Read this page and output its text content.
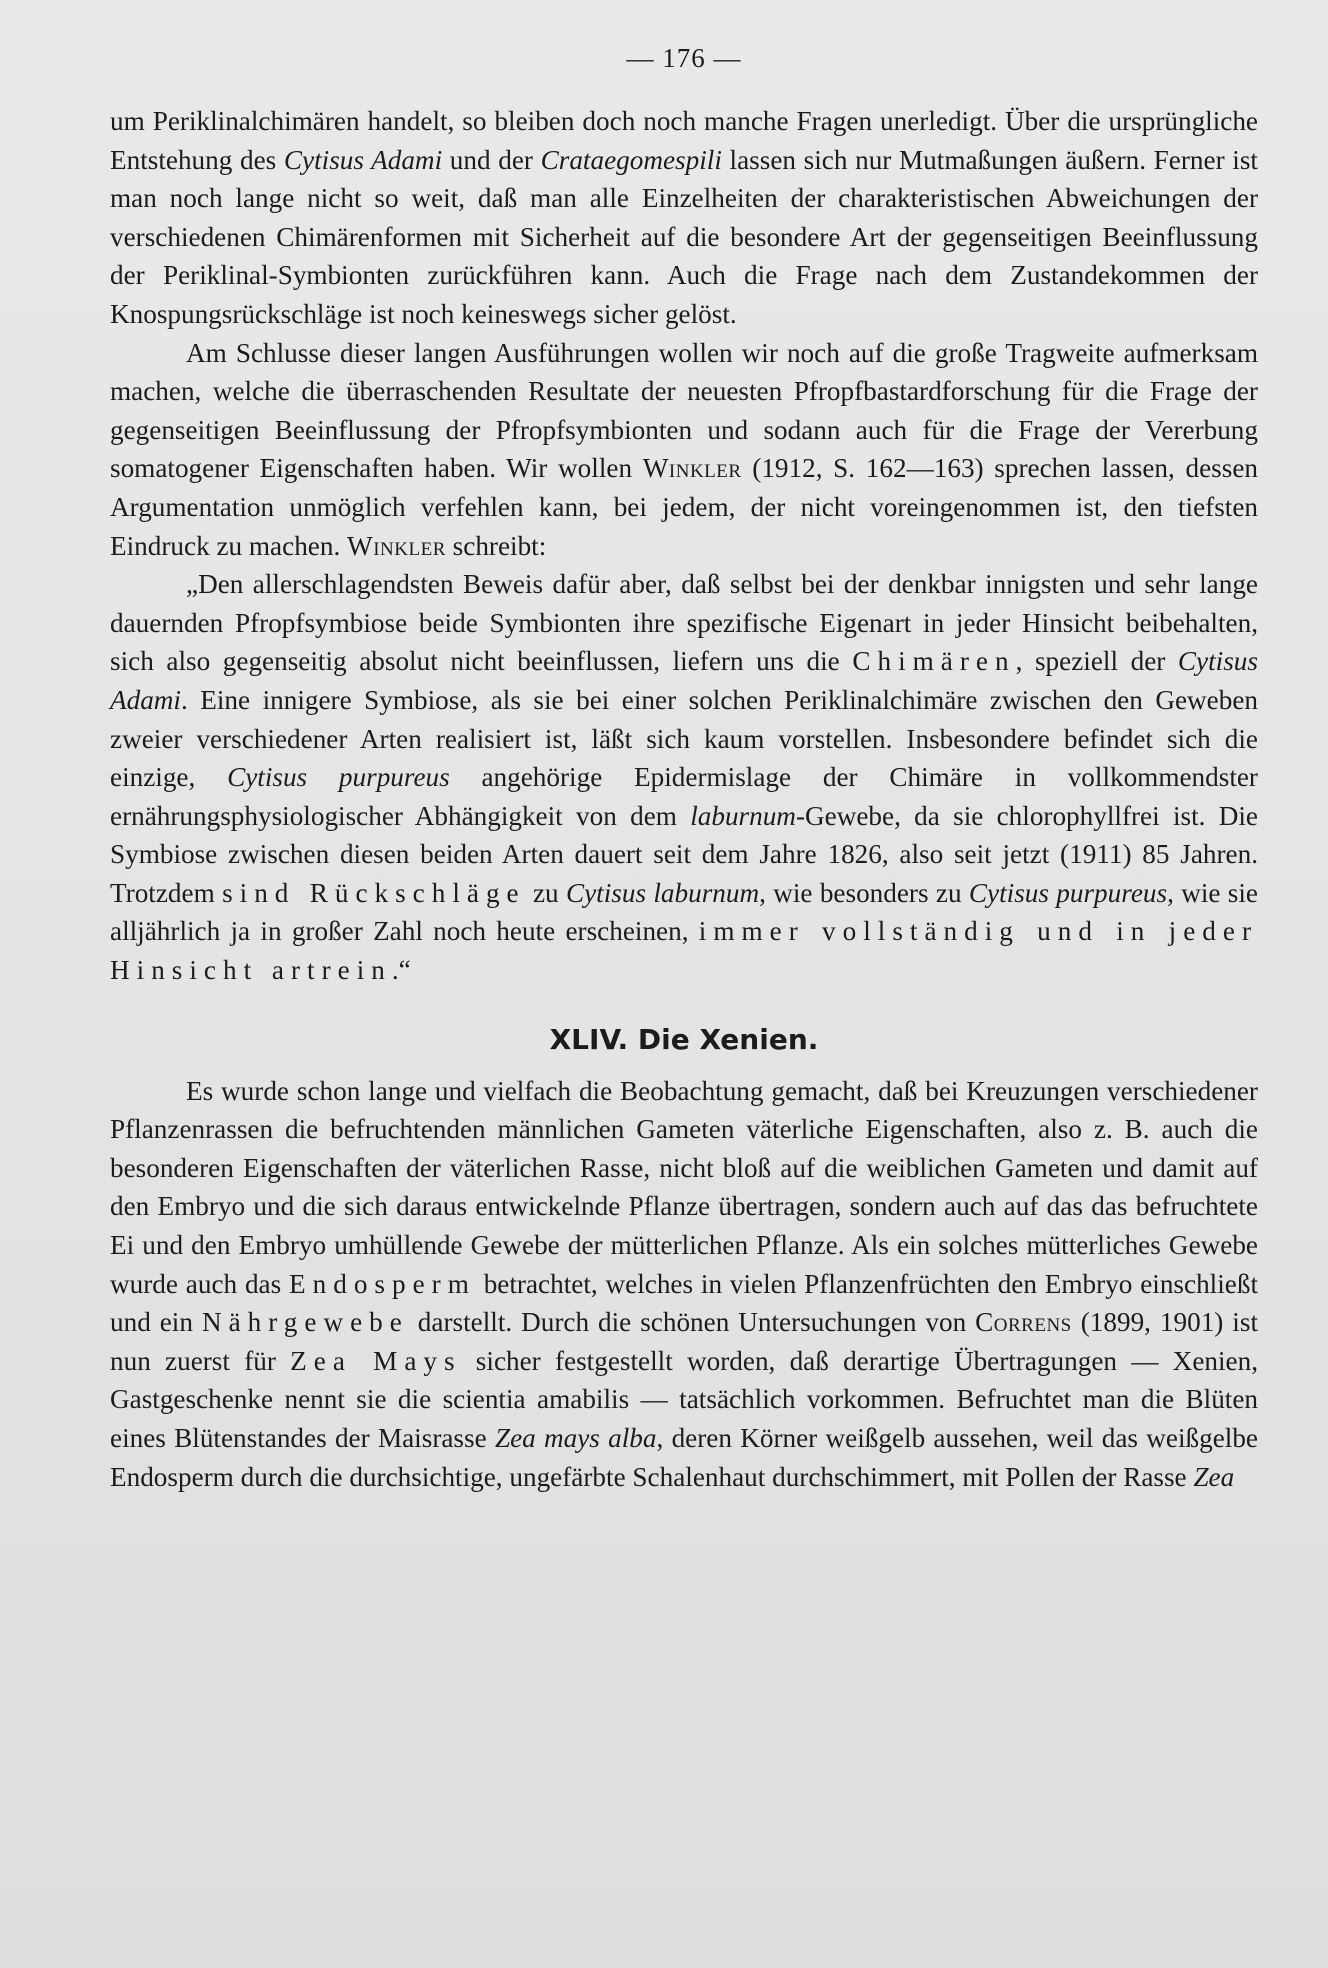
— 176 —

um Periklinalchimären handelt, so bleiben doch noch manche Fragen unerledigt. Über die ursprüngliche Entstehung des Cytisus Adami und der Crataegomespili lassen sich nur Mutmaßungen äußern. Ferner ist man noch lange nicht so weit, daß man alle Einzelheiten der charakteristischen Abweichungen der verschiedenen Chimärenformen mit Sicherheit auf die besondere Art der gegenseitigen Beeinflussung der Periklinal-Symbionten zurückführen kann. Auch die Frage nach dem Zustandekommen der Knospungsrückschläge ist noch keineswegs sicher gelöst.

Am Schlusse dieser langen Ausführungen wollen wir noch auf die große Tragweite aufmerksam machen, welche die überraschenden Resultate der neuesten Pfropfbastardforschung für die Frage der gegenseitigen Beeinflussung der Pfropfsymbionten und sodann auch für die Frage der Vererbung somatogener Eigenschaften haben. Wir wollen Winkler (1912, S. 162—163) sprechen lassen, dessen Argumentation unmöglich verfehlen kann, bei jedem, der nicht voreingenommen ist, den tiefsten Eindruck zu machen. Winkler schreibt:

„Den allerschlagendsten Beweis dafür aber, daß selbst bei der denkbar innigsten und sehr lange dauernden Pfropfsymbiose beide Symbionten ihre spezifische Eigenart in jeder Hinsicht beibehalten, sich also gegenseitig absolut nicht beeinflussen, liefern uns die Chimären, speziell der Cytisus Adami. Eine innigere Symbiose, als sie bei einer solchen Periklinalchimäre zwischen den Geweben zweier verschiedener Arten realisiert ist, läßt sich kaum vorstellen. Insbesondere befindet sich die einzige, Cytisus purpureus angehörige Epidermislage der Chimäre in vollkommendster ernährungsphysiologischer Abhängigkeit von dem laburnum-Gewebe, da sie chlorophyllfrei ist. Die Symbiose zwischen diesen beiden Arten dauert seit dem Jahre 1826, also seit jetzt (1911) 85 Jahren. Trotzdem sind Rückschläge zu Cytisus laburnum, wie besonders zu Cytisus purpureus, wie sie alljährlich ja in großer Zahl noch heute erscheinen, immer vollständig und in jeder Hinsicht artrein.“

XLIV. Die Xenien.

Es wurde schon lange und vielfach die Beobachtung gemacht, daß bei Kreuzungen verschiedener Pflanzenrassen die befruchtenden männlichen Gameten väterliche Eigenschaften, also z. B. auch die besonderen Eigenschaften der väterlichen Rasse, nicht bloß auf die weiblichen Gameten und damit auf den Embryo und die sich daraus entwickelnde Pflanze übertragen, sondern auch auf das das befruchtete Ei und den Embryo umhüllende Gewebe der mütterlichen Pflanze. Als ein solches mütterliches Gewebe wurde auch das Endosperm betrachtet, welches in vielen Pflanzenfrüchten den Embryo einschließt und ein Nährgewebe darstellt. Durch die schönen Untersuchungen von Correns (1899, 1901) ist nun zuerst für Zea Mays sicher festgestellt worden, daß derartige Übertragungen — Xenien, Gastgeschenke nennt sie die scientia amabilis — tatsächlich vorkommen. Befruchtet man die Blüten eines Blütenstandes der Maisrasse Zea mays alba, deren Körner weißgelb aussehen, weil das weißgelbe Endosperm durch die durchsichtige, ungefärbte Schalenhaut durchschimmert, mit Pollen der Rasse Zea
